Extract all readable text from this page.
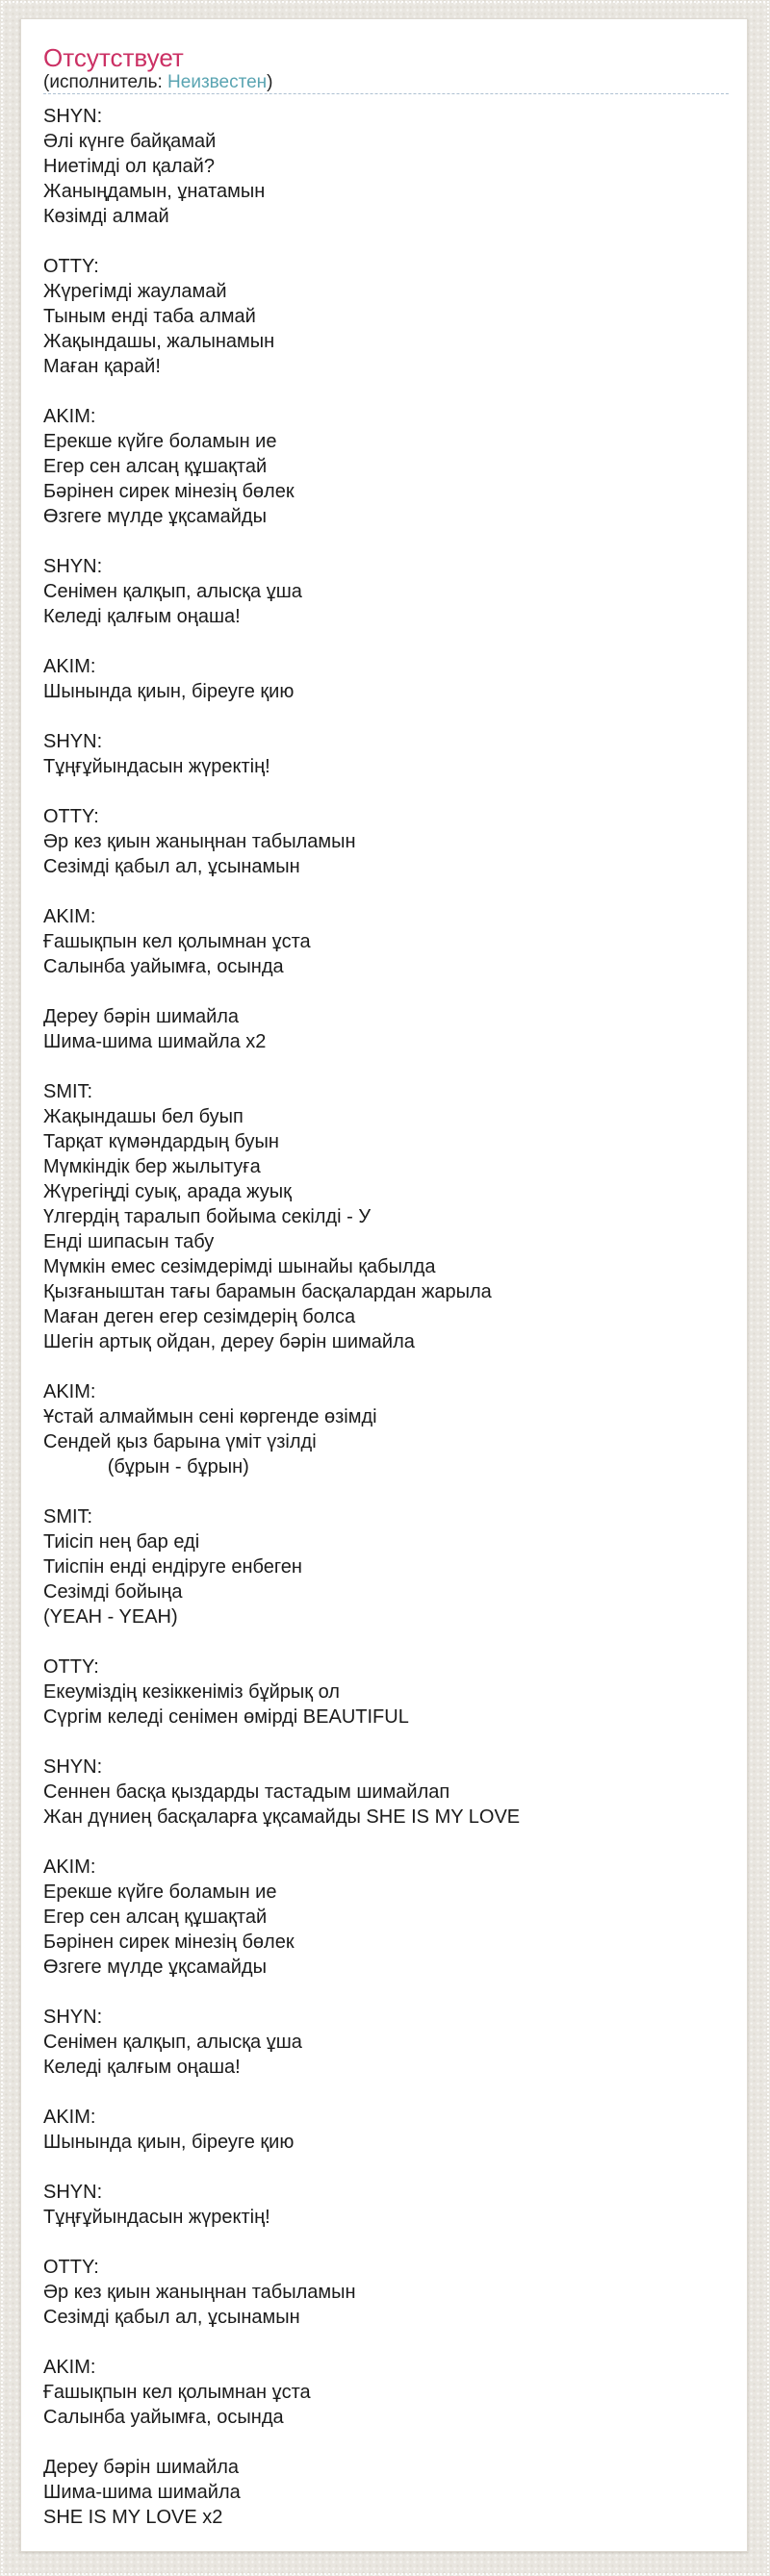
Отсутствует
(исполнитель: Неизвестен)
SHYN:
Әлі күнге байқамай
Ниетімді ол қалай?
Жаныңдамын, ұнатамын
Көзімді алмай
OTTY:
Жүрегімді жауламай
Тыным енді таба алмай
Жақындашы, жалынамын
Маған қарай!
AKIM:
Ерекше күйге боламын ие
Егер сен алсаң құшақтай
Бәрінен сирек мінезің бөлек
Өзгеге мүлде ұқсамайды
SHYN:
Сенімен қалқып, алысқа ұша
Келеді қалғым оңаша!
AKIM:
Шынында қиын, біреуге қию
SHYN:
Тұңғұйындасын жүректің!
OTTY:
Әр кез қиын жаныңнан табыламын
Сезімді қабыл ал, ұсынамын
AKIM:
Ғашықпын кел қолымнан ұста
Салынба уайымға, осында
Дереу бәрін шимайла
Шима-шима шимайла x2
SMIT:
Жақындашы бел буып
Тарқат күмәндардың буын
Мүмкіндік бер жылытуға
Жүрегіңді суық, арада жуық
Үлгердің таралып бойыма секілді - У
Енді шипасын табу
Мүмкін емес сезімдерімді шынайы қабылда
Қызғаныштан тағы барамын басқалардан жарыла
Маған деген егер сезімдерің болса
Шегін артық ойдан, дереу бәрін шимайла
AKIM:
Ұстай алмаймын сені көргенде өзімді
Сендей қыз барына үміт үзілді
(бұрын - бұрын)
SMIT:
Тиісіп нең бар еді
Тиіспін енді ендіруге енбеген
Сезімді бойыңа
(YEAH - YEAH)
OTTY:
Екеуміздің кезіккеніміз бұйрық ол
Сүргім келеді сенімен өмірді BEAUTIFUL
SHYN:
Сеннен басқа қыздарды тастадым шимайлап
Жан дүниең басқаларға ұқсамайды SHE IS MY LOVE
AKIM:
Ерекше күйге боламын ие
Егер сен алсаң құшақтай
Бәрінен сирек мінезің бөлек
Өзгеге мүлде ұқсамайды
SHYN:
Сенімен қалқып, алысқа ұша
Келеді қалғым оңаша!
AKIM:
Шынында қиын, біреуге қию
SHYN:
Тұңғұйындасын жүректің!
OTTY:
Әр кез қиын жаныңнан табыламын
Сезімді қабыл ал, ұсынамын
AKIM:
Ғашықпын кел қолымнан ұста
Салынба уайымға, осында
Дереу бәрін шимайла
Шима-шима шимайла
SHE IS MY LOVE x2
